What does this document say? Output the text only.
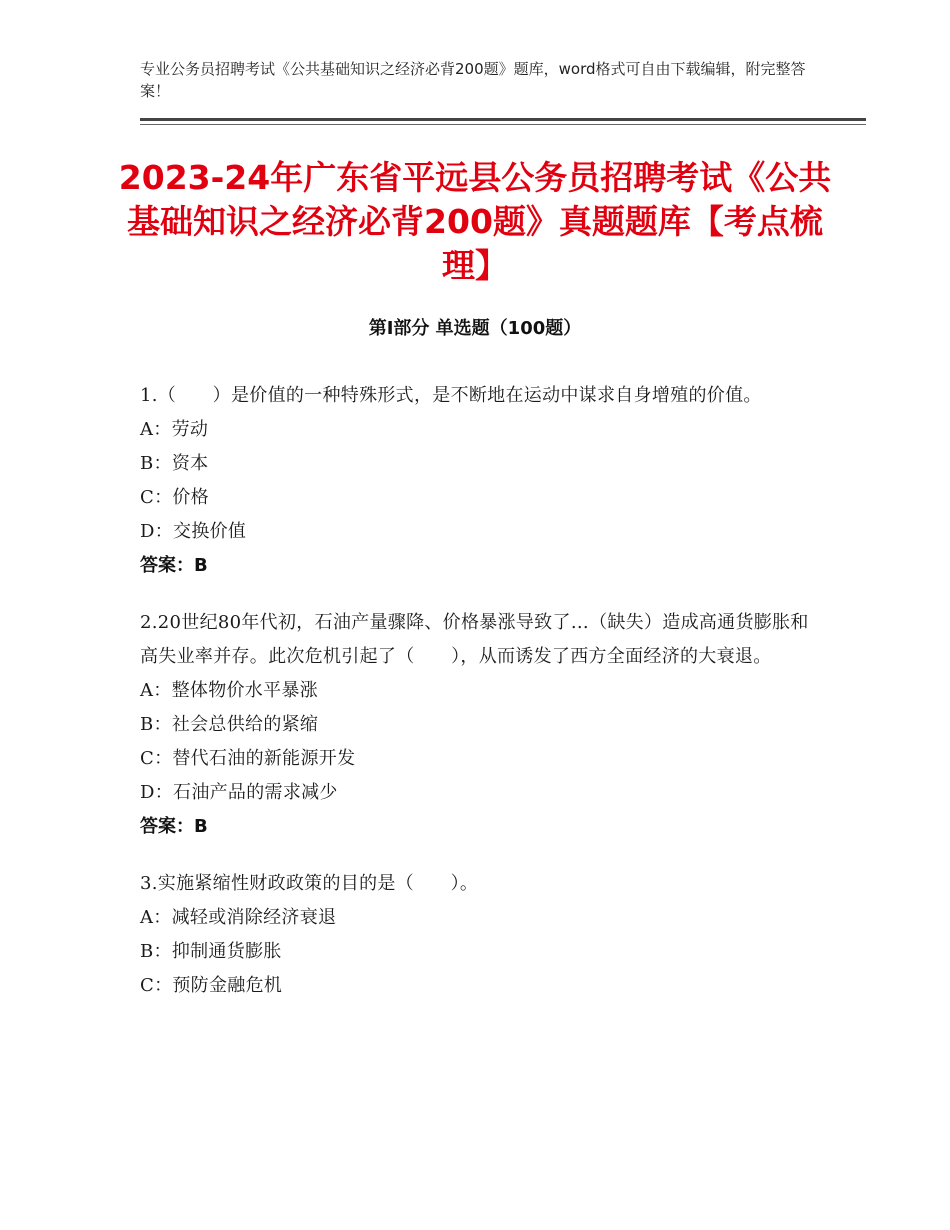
专业公务员招聘考试《公共基础知识之经济必背200题》题库，word格式可自由下载编辑，附完整答案！
2023-24年广东省平远县公务员招聘考试《公共基础知识之经济必背200题》真题题库【考点梳理】
第Ⅰ部分 单选题（100题）
1.（　　）是价值的一种特殊形式，是不断地在运动中谋求自身增殖的价值。
A：劳动
B：资本
C：价格
D：交换价值
答案：B
2.20世纪80年代初，石油产量骤降、价格暴涨导致了…（缺失）造成高通货膨胀和高失业率并存。此次危机引起了（　　），从而诱发了西方全面经济的大衰退。
A：整体物价水平暴涨
B：社会总供给的紧缩
C：替代石油的新能源开发
D：石油产品的需求减少
答案：B
3.实施紧缩性财政政策的目的是（　　）。
A：减轻或消除经济衰退
B：抑制通货膨胀
C：预防金融危机
